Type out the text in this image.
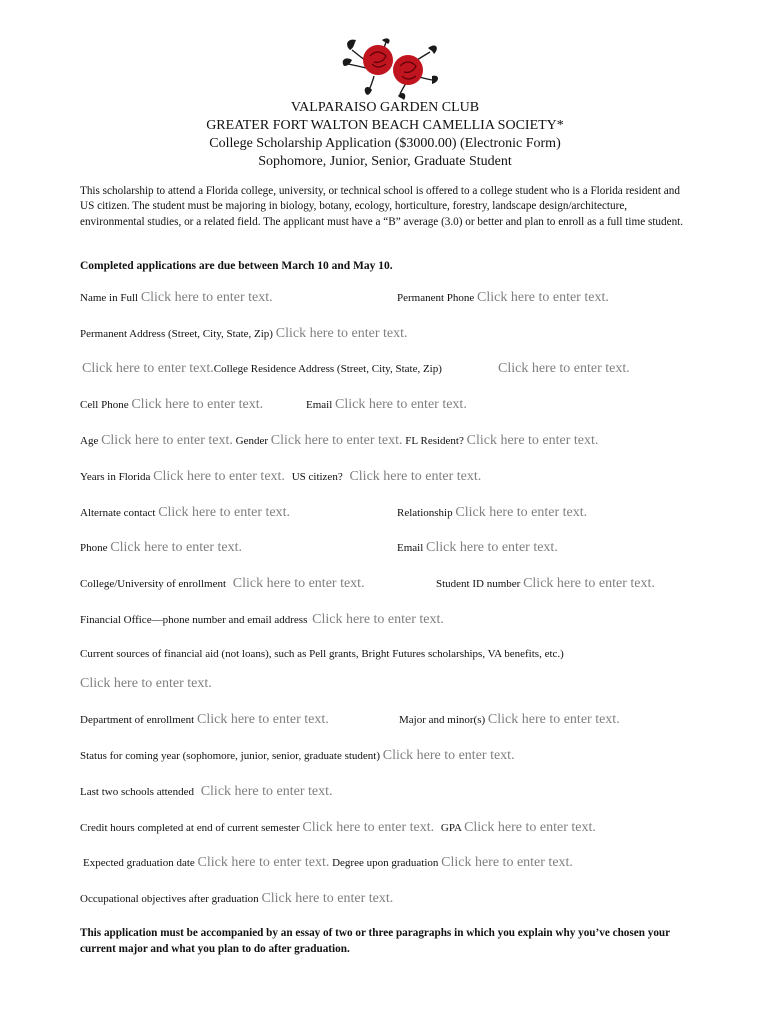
VALPARAISO GARDEN CLUB
GREATER FORT WALTON BEACH CAMELLIA SOCIETY*
College Scholarship Application ($3000.00) (Electronic Form)
Sophomore, Junior, Senior, Graduate Student
This scholarship to attend a Florida college, university, or technical school is offered to a college student who is a Florida resident and US citizen. The student must be majoring in biology, botany, ecology, horticulture, forestry, landscape design/architecture, environmental studies, or a related field. The applicant must have a “B” average (3.0) or better and plan to enroll as a full time student.
Completed applications are due between March 10 and May 10.
Name in Full Click here to enter text.	Permanent Phone Click here to enter text.
Permanent Address (Street, City, State, Zip) Click here to enter text.
Click here to enter text.College Residence Address (Street, City, State, Zip)	Click here to enter text.
Cell Phone Click here to enter text.	Email Click here to enter text.
Age Click here to enter text. Gender Click here to enter text. FL Resident? Click here to enter text.
Years in Florida Click here to enter text. US citizen? Click here to enter text.
Alternate contact Click here to enter text.	Relationship Click here to enter text.
Phone Click here to enter text.	Email Click here to enter text.
College/University of enrollment Click here to enter text.	Student ID number Click here to enter text.
Financial Office—phone number and email address Click here to enter text.
Current sources of financial aid (not loans), such as Pell grants, Bright Futures scholarships, VA benefits, etc.)
Click here to enter text.
Department of enrollment Click here to enter text.	Major and minor(s) Click here to enter text.
Status for coming year (sophomore, junior, senior, graduate student) Click here to enter text.
Last two schools attended Click here to enter text.
Credit hours completed at end of current semester Click here to enter text. GPA Click here to enter text.
Expected graduation date Click here to enter text. Degree upon graduation Click here to enter text.
Occupational objectives after graduation Click here to enter text.
This application must be accompanied by an essay of two or three paragraphs in which you explain why you’ve chosen your current major and what you plan to do after graduation.
